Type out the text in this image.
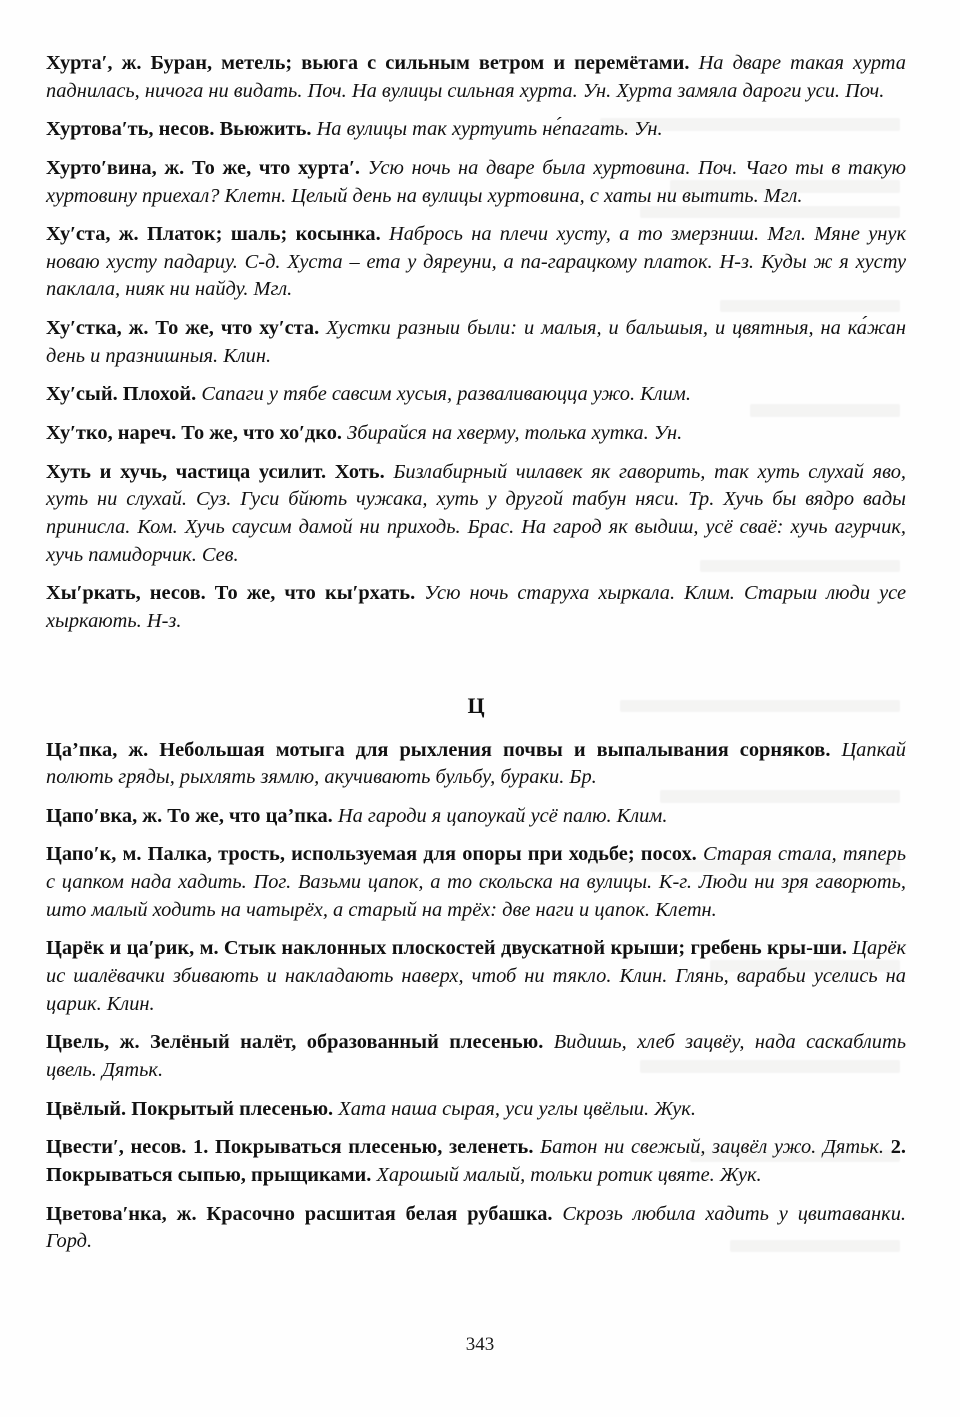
Хурта′, ж. Буран, метель; вьюга с сильным ветром и перемётами. На дваре такая хурта паднилась, ничога ни видать. Поч. На вулицы сильная хурта. Ун. Хурта замяла дароги уси. Поч.

Хуртова′ть, несов. Вьюжить. На вулицы так хуртуить не́пагать. Ун.

Хурто′вина, ж. То же, что хурта′. Усю ночь на дваре была хуртовина. Поч. Чаго ты в такую хуртовину приехал? Клетн. Целый день на вулицы хуртовина, с хаты ни вытить. Мгл.

Ху′ста, ж. Платок; шаль; косынка. Набрось на плечи хусту, а то змерзниш. Мгл. Мяне унук новаю хусту падариу. С-д. Хуста – ета у дяреуни, а па-гарацкому платок. Н-з. Куды ж я хусту паклала, нияк ни найду. Мгл.

Ху′стка, ж. То же, что ху′ста. Хустки разныи были: и малыя, и бальшыя, и цвятныя, на ка́жан день и празнишныя. Клин.

Ху′сый. Плохой. Сапаги у тябе савсим хусыя, разваливаюцца ужо. Клим.

Ху′тко, нареч. То же, что хо′дко. Збирайся на хверму, толька хутка. Ун.

Хуть и хучь, частица усилит. Хоть. Бизлабирный чилавек як гаворить, так хуть слухай яво, хуть ни слухай. Суз. Гуси бйють чужака, хуть у другой табун няси. Тр. Хучь бы вядро вады принисла. Ком. Хучь саусим дамой ни приходь. Брас. На гарод як выдиш, усё сваё: хучь агурчик, хучь памидорчик. Сев.

Хы′ркать, несов. То же, что кы′рхать. Усю ночь старуха хыркала. Клим. Старыи люди усе хыркають. Н-з.

Ц

Ца’пка, ж. Небольшая мотыга для рыхления почвы и выпалывания сорняков. Цапкай полють гряды, рыхлять зямлю, акучивають бульбу, бураки. Бр.

Цапо′вка, ж. То же, что ца’пка. На гароди я цапоукай усё палю. Клим.

Цапо′к, м. Палка, трость, используемая для опоры при ходьбе; посох. Старая стала, тяперь с цапком нада хадить. Пог. Вазьми цапок, а то скольска на вулицы. К-г. Люди ни зря гаворють, што малый ходить на чатырёх, а старый на трёх: две наги и цапок. Клетн.

Царёк и ца′рик, м. Стык наклонных плоскостей двускатной крыши; гребень кры-ши. Царёк ис шалёвачки збивають и накладають наверх, чтоб ни тякло. Клин. Глянь, варабьи уселись на царик. Клин.

Цвель, ж. Зелёный налёт, образованный плесенью. Видишь, хлеб зацвёу, нада саскаблить цвель. Дятьк.

Цвёлый. Покрытый плесенью. Хата наша сырая, уси углы цвёлыи. Жук.

Цвести′, несов. 1. Покрываться плесенью, зеленеть. Батон ни свежый, зацвёл ужо. Дятьк. 2. Покрываться сыпью, прыщиками. Харошый малый, тольки ротик цвяте. Жук.

Цветова′нка, ж. Красочно расшитая белая рубашка. Скрозь любила хадить у цвитаванки. Горд.

343
